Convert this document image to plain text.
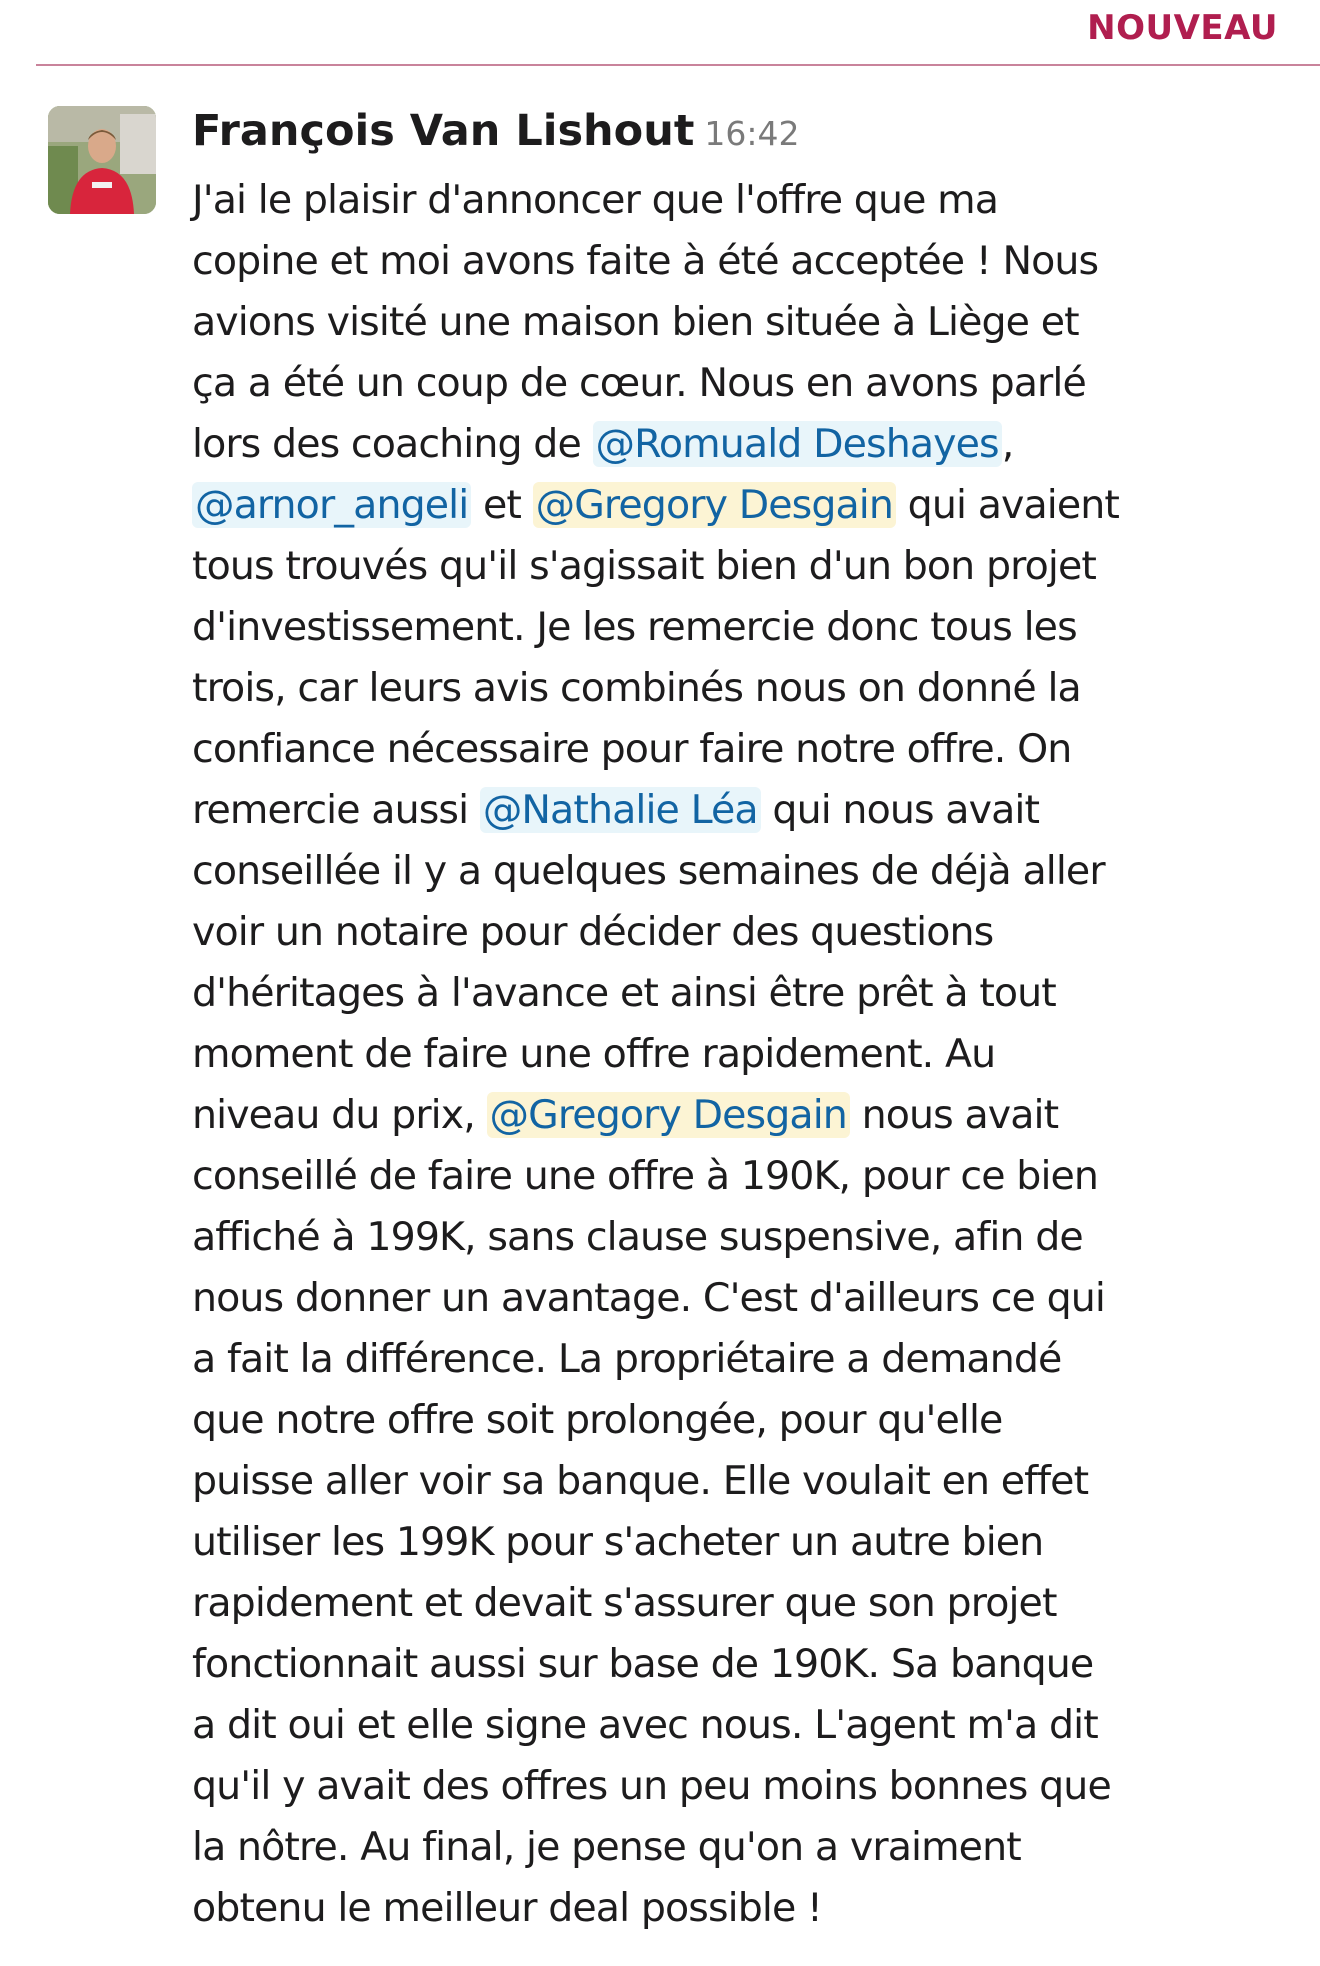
NOUVEAU
François Van Lishout 16:42
J'ai le plaisir d'annoncer que l'offre que ma
copine et moi avons faite à été acceptée ! Nous
avions visité une maison bien située à Liège et
ça a été un coup de cœur. Nous en avons parlé
lors des coaching de @Romuald Deshayes,
@arnor_angeli et @Gregory Desgain qui avaient
tous trouvés qu'il s'agissait bien d'un bon projet
d'investissement. Je les remercie donc tous les
trois, car leurs avis combinés nous on donné la
confiance nécessaire pour faire notre offre. On
remercie aussi @Nathalie Léa qui nous avait
conseillée il y a quelques semaines de déjà aller
voir un notaire pour décider des questions
d'héritages à l'avance et ainsi être prêt à tout
moment de faire une offre rapidement. Au
niveau du prix, @Gregory Desgain nous avait
conseillé de faire une offre à 190K, pour ce bien
affiché à 199K, sans clause suspensive, afin de
nous donner un avantage. C'est d'ailleurs ce qui
a fait la différence. La propriétaire a demandé
que notre offre soit prolongée, pour qu'elle
puisse aller voir sa banque. Elle voulait en effet
utiliser les 199K pour s'acheter un autre bien
rapidement et devait s'assurer que son projet
fonctionnait aussi sur base de 190K. Sa banque
a dit oui et elle signe avec nous. L'agent m'a dit
qu'il y avait des offres un peu moins bonnes que
la nôtre. Au final, je pense qu'on a vraiment
obtenu le meilleur deal possible !
